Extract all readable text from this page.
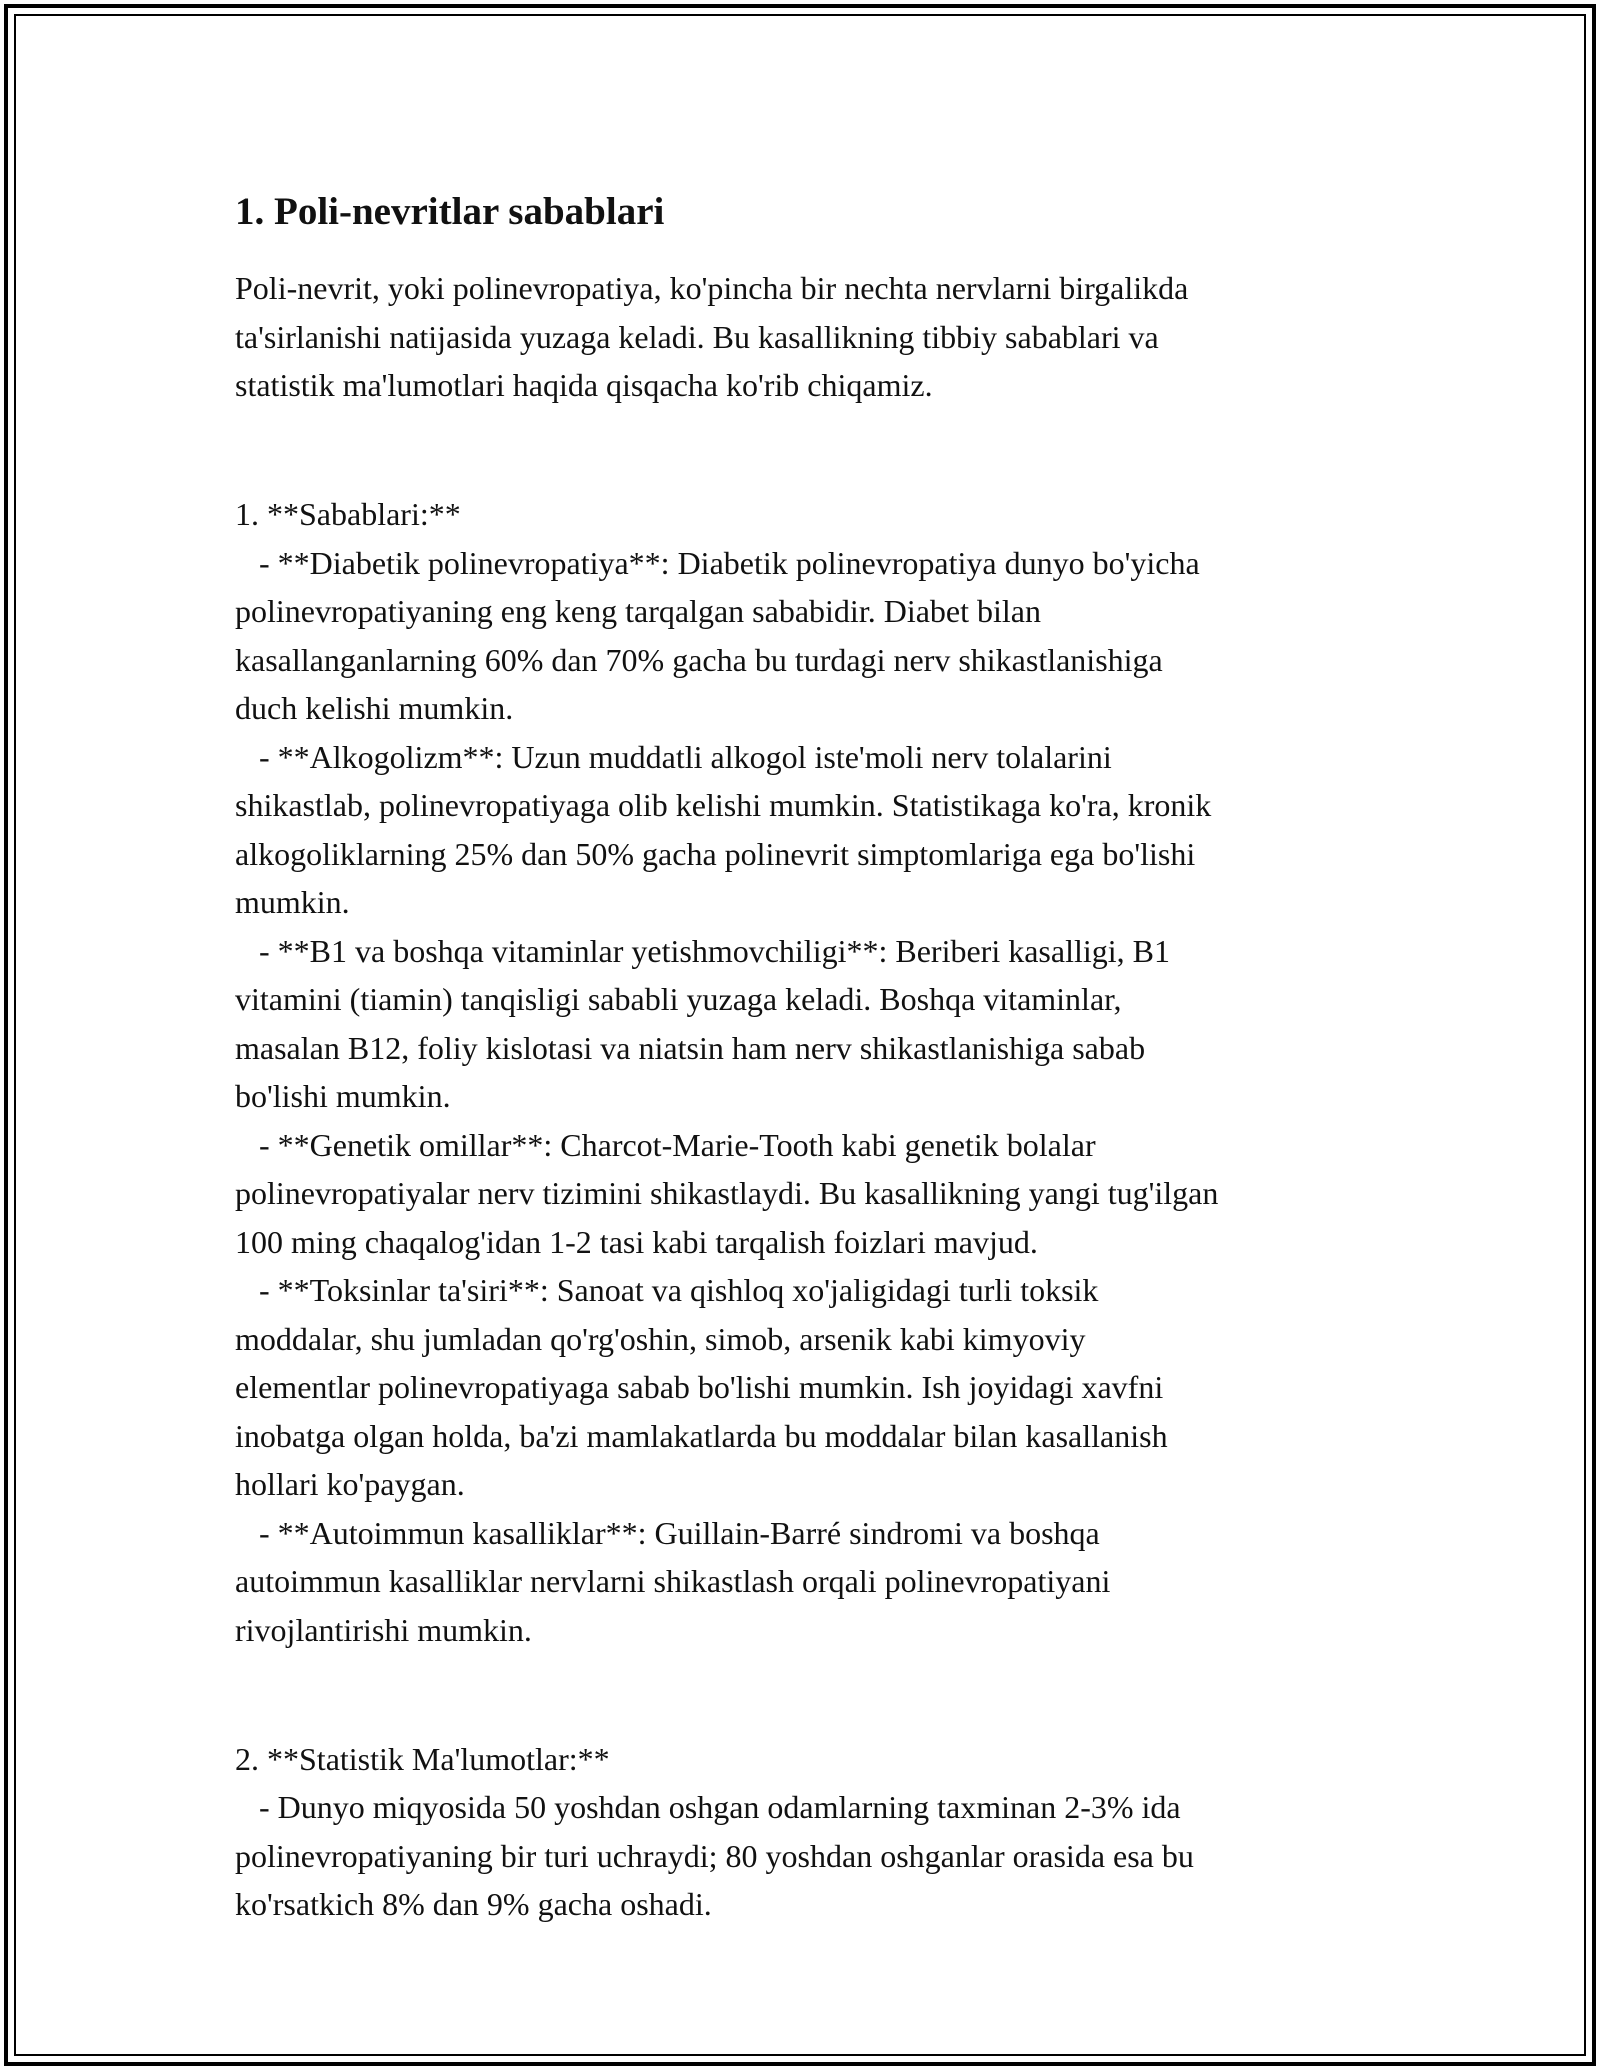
1. Poli-nevritlar sabablari

Poli-nevrit, yoki polinevropatiya, ko'pincha bir nechta nervlarni birgalikda

ta'sirlanishi natijasida yuzaga keladi. Bu kasallikning tibbiy sabablari va

statistik ma'lumotlari haqida qisqacha ko'rib chiqamiz.

1. **Sabablari:**

- **Diabetik polinevropatiya**: Diabetik polinevropatiya dunyo bo'yicha

polinevropatiyaning eng keng tarqalgan sababidir. Diabet bilan

kasallanganlarning 60% dan 70% gacha bu turdagi nerv shikastlanishiga

duch kelishi mumkin.

- **Alkogolizm**: Uzun muddatli alkogol iste'moli nerv tolalarini

shikastlab, polinevropatiyaga olib kelishi mumkin. Statistikaga ko'ra, kronik

alkogoliklarning 25% dan 50% gacha polinevrit simptomlariga ega bo'lishi

mumkin.

- **B1 va boshqa vitaminlar yetishmovchiligi**: Beriberi kasalligi, B1

vitamini (tiamin) tanqisligi sababli yuzaga keladi. Boshqa vitaminlar,

masalan B12, foliy kislotasi va niatsin ham nerv shikastlanishiga sabab

bo'lishi mumkin.

- **Genetik omillar**: Charcot-Marie-Tooth kabi genetik bolalar

polinevropatiyalar nerv tizimini shikastlaydi. Bu kasallikning yangi tug'ilgan

100 ming chaqalog'idan 1-2 tasi kabi tarqalish foizlari mavjud.

- **Toksinlar ta'siri**: Sanoat va qishloq xo'jaligidagi turli toksik

moddalar, shu jumladan qo'rg'oshin, simob, arsenik kabi kimyoviy

elementlar polinevropatiyaga sabab bo'lishi mumkin. Ish joyidagi xavfni

inobatga olgan holda, ba'zi mamlakatlarda bu moddalar bilan kasallanish

hollari ko'paygan.

- **Autoimmun kasalliklar**: Guillain-Barré sindromi va boshqa

autoimmun kasalliklar nervlarni shikastlash orqali polinevropatiyani

rivojlantirishi mumkin.

2. **Statistik Ma'lumotlar:**

- Dunyo miqyosida 50 yoshdan oshgan odamlarning taxminan 2-3% ida

polinevropatiyaning bir turi uchraydi; 80 yoshdan oshganlar orasida esa bu

ko'rsatkich 8% dan 9% gacha oshadi.
